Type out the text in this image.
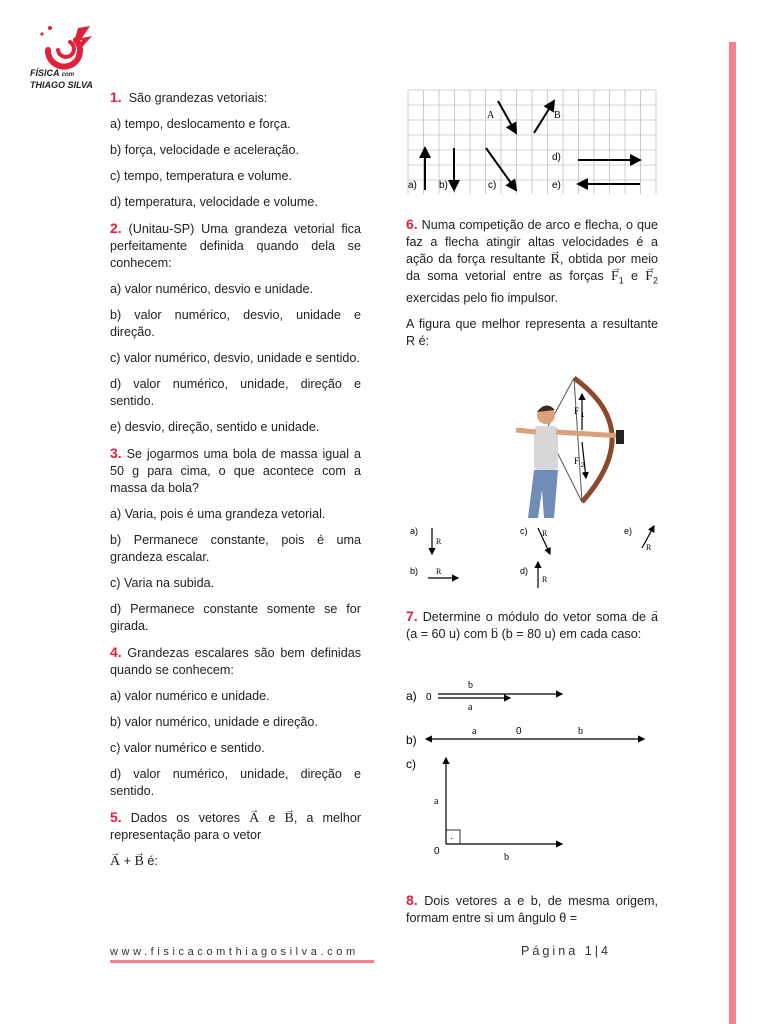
FÍSICA com
THIAGO SILVA

1. São grandezas vetoriais:

a) tempo, deslocamento e força.

b) força, velocidade e aceleração.

c) tempo, temperatura e volume.

d) temperatura, velocidade e volume.

2. (Unitau-SP) Uma grandeza vetorial fica perfeitamente definida quando dela se conhecem:

a) valor numérico, desvio e unidade.

b) valor numérico, desvio, unidade e direção.

c) valor numérico, desvio, unidade e sentido.

d) valor numérico, unidade, direção e sentido.

e) desvio, direção, sentido e unidade.

3. Se jogarmos uma bola de massa igual a 50 g para cima, o que acontece com a massa da bola?

a) Varia, pois é uma grandeza vetorial.

b) Permanece constante, pois é uma grandeza escalar.

c) Varia na subida.

d) Permanece constante somente se for girada.

4. Grandezas escalares são bem definidas quando se conhecem:

a) valor numérico e unidade.

b) valor numérico, unidade e direção.

c) valor numérico e sentido.

d) valor numérico, unidade, direção e sentido.

5. Dados os vetores → A e → B, a melhor representação para o vetor

→ A + → B é:

A	B
a) b)	c)
d)
e)

6. Numa competição de arco e flecha, o que faz a flecha atingir altas velocidades é a ação da força resultante → R, obtida por meio da soma vetorial entre as forças → $F_1$ $e \to F_2$ exercidas pelo fio impulsor.

A figura que melhor representa a resultante R é:

F 1
F 2
a)
R
b) R
c) R
d)
R
e)
R

7. Determine o módulo do vetor soma de → a (a = 60 u) com → b (b = 80 u) em cada caso:

a) 0
b
a
b)
0
a	b
c)
·
0
a
b

8. Dois vetores a e b, de mesma origem, formam entre si um ângulo θ =

www.fisicacomthiagosilva.com	Página 1|4
